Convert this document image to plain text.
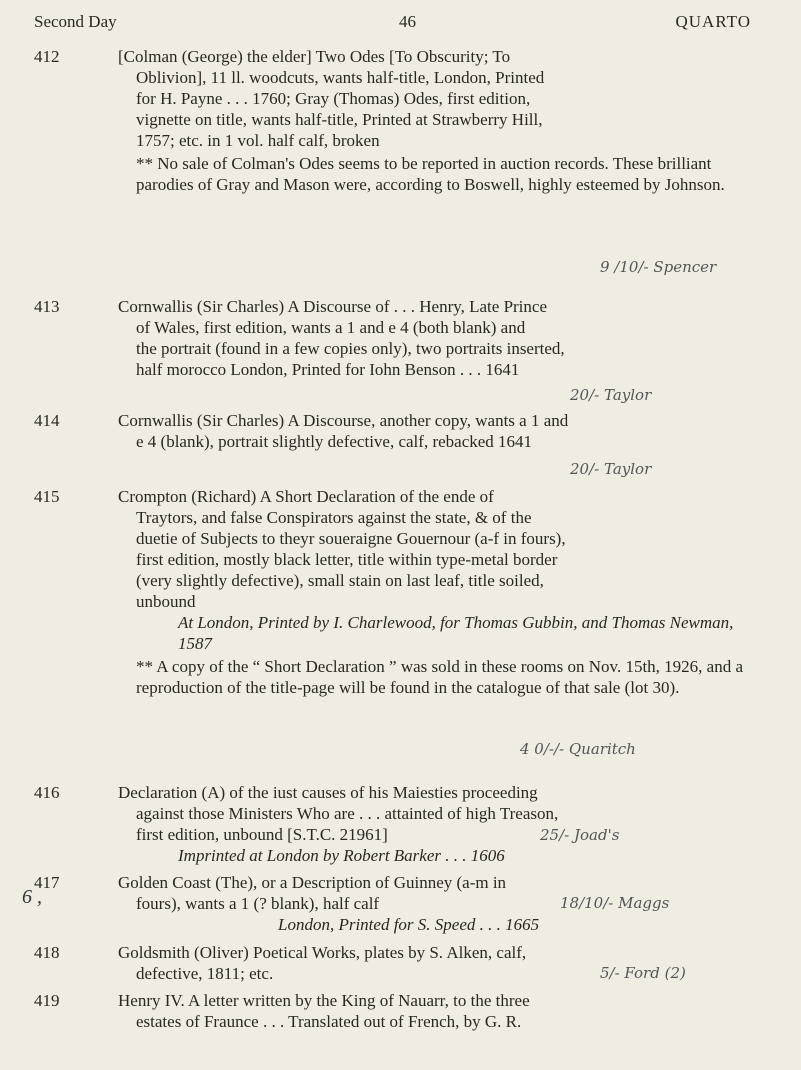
Second Day	46	QUARTO
412	[Colman (George) the elder] Two Odes [To Obscurity; To

Oblivion], 11 ll. woodcuts, wants half-title, London, Printed

for H. Payne . . . 1760; Gray (Thomas) Odes, first edition,

vignette on title, wants half-title, Printed at Strawberry Hill,

1757; etc. in 1 vol. half calf, broken

** No sale of Colman's Odes seems to be reported in auction records. These brilliant parodies of Gray and Mason were, according to Boswell, highly esteemed by Johnson.

9 /10/- Spencer
413	Cornwallis (Sir Charles) A Discourse of . . . Henry, Late Prince

of Wales, first edition, wants a 1 and e 4 (both blank) and

the portrait (found in a few copies only), two portraits inserted,

half morocco London, Printed for Iohn Benson . . . 1641

20/- Taylor
414	Cornwallis (Sir Charles) A Discourse, another copy, wants a 1 and

e 4 (blank), portrait slightly defective, calf, rebacked 1641

20/- Taylor
415	Crompton (Richard) A Short Declaration of the ende of

Traytors, and false Conspirators against the state, & of the

duetie of Subjects to theyr soueraigne Gouernour (a-f in fours),

first edition, mostly black letter, title within type-metal border

(very slightly defective), small stain on last leaf, title soiled,

unbound

At London, Printed by I. Charlewood, for Thomas Gubbin, and Thomas Newman, 1587

** A copy of the “ Short Declaration ” was sold in these rooms on Nov. 15th, 1926, and a reproduction of the title-page will be found in the catalogue of that sale (lot 30).

4 0/-/- Quaritch
416	Declaration (A) of the iust causes of his Maiesties proceeding

against those Ministers Who are . . . attainted of high Treason,

first edition, unbound [S.T.C. 21961]

Imprinted at London by Robert Barker . . . 1606

25/- Joad's
417	Golden Coast (The), or a Description of Guinney (a-m in

fours), wants a 1 (? blank), half calf

London, Printed for S. Speed . . . 1665

18/10/- Maggs
6 ,
418	Goldsmith (Oliver) Poetical Works, plates by S. Alken, calf,

defective, 1811; etc.	5/- Ford (2)
419	Henry IV. A letter written by the King of Nauarr, to the three

estates of Fraunce . . . Translated out of French, by G. R.
